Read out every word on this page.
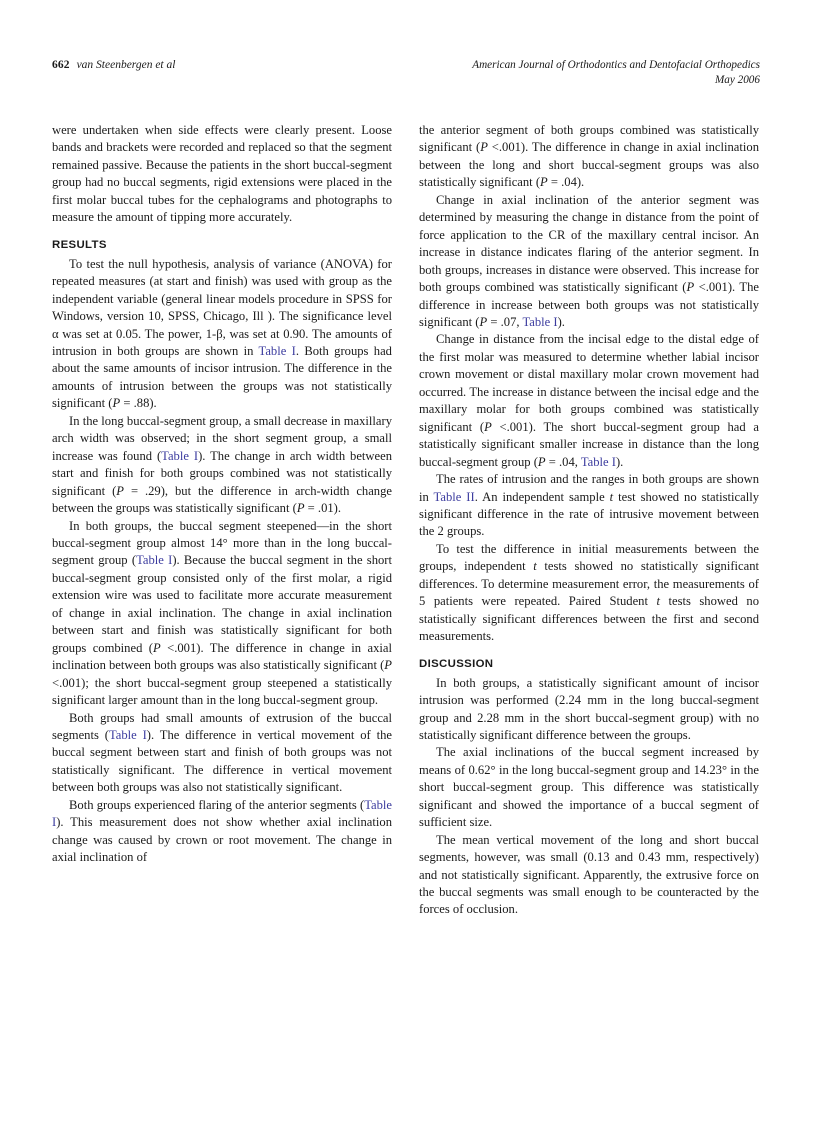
662 van Steenbergen et al	American Journal of Orthodontics and Dentofacial Orthopedics
May 2006

were undertaken when side effects were clearly present. Loose bands and brackets were recorded and replaced so that the segment remained passive. Because the patients in the short buccal-segment group had no buccal segments, rigid extensions were placed in the first molar buccal tubes for the cephalograms and photographs to measure the amount of tipping more accurately.

RESULTS

To test the null hypothesis, analysis of variance (ANOVA) for repeated measures (at start and finish) was used with group as the independent variable (general linear models procedure in SPSS for Windows, version 10, SPSS, Chicago, Ill ). The significance level α was set at 0.05. The power, 1-β, was set at 0.90. The amounts of intrusion in both groups are shown in Table I. Both groups had about the same amounts of incisor intrusion. The difference in the amounts of intrusion between the groups was not statistically significant (P = .88).

In the long buccal-segment group, a small decrease in maxillary arch width was observed; in the short segment group, a small increase was found (Table I). The change in arch width between start and finish for both groups combined was not statistically significant (P = .29), but the difference in arch-width change between the groups was statistically significant (P = .01).

In both groups, the buccal segment steepened—in the short buccal-segment group almost 14° more than in the long buccal-segment group (Table I). Because the buccal segment in the short buccal-segment group consisted only of the first molar, a rigid extension wire was used to facilitate more accurate measurement of change in axial inclination. The change in axial inclination between start and finish was statistically significant for both groups combined (P <.001). The difference in change in axial inclination between both groups was also statistically significant (P <.001); the short buccal-segment group steepened a statistically significant larger amount than in the long buccal-segment group.

Both groups had small amounts of extrusion of the buccal segments (Table I). The difference in vertical movement of the buccal segment between start and finish of both groups was not statistically significant. The difference in vertical movement between both groups was also not statistically significant.

Both groups experienced flaring of the anterior segments (Table I). This measurement does not show whether axial inclination change was caused by crown or root movement. The change in axial inclination of

the anterior segment of both groups combined was statistically significant (P <.001). The difference in change in axial inclination between the long and short buccal-segment groups was also statistically significant (P = .04).

Change in axial inclination of the anterior segment was determined by measuring the change in distance from the point of force application to the CR of the maxillary central incisor. An increase in distance indicates flaring of the anterior segment. In both groups, increases in distance were observed. This increase for both groups combined was statistically significant (P <.001). The difference in increase between both groups was not statistically significant (P = .07, Table I).

Change in distance from the incisal edge to the distal edge of the first molar was measured to determine whether labial incisor crown movement or distal maxillary molar crown movement had occurred. The increase in distance between the incisal edge and the maxillary molar for both groups combined was statistically significant (P <.001). The short buccal-segment group had a statistically significant smaller increase in distance than the long buccal-segment group (P = .04, Table I).

The rates of intrusion and the ranges in both groups are shown in Table II. An independent sample t test showed no statistically significant difference in the rate of intrusive movement between the 2 groups.

To test the difference in initial measurements between the groups, independent t tests showed no statistically significant differences. To determine measurement error, the measurements of 5 patients were repeated. Paired Student t tests showed no statistically significant differences between the first and second measurements.

DISCUSSION

In both groups, a statistically significant amount of incisor intrusion was performed (2.24 mm in the long buccal-segment group and 2.28 mm in the short buccal-segment group) with no statistically significant difference between the groups.

The axial inclinations of the buccal segment increased by means of 0.62° in the long buccal-segment group and 14.23° in the short buccal-segment group. This difference was statistically significant and showed the importance of a buccal segment of sufficient size.

The mean vertical movement of the long and short buccal segments, however, was small (0.13 and 0.43 mm, respectively) and not statistically significant. Apparently, the extrusive force on the buccal segments was small enough to be counteracted by the forces of occlusion.
